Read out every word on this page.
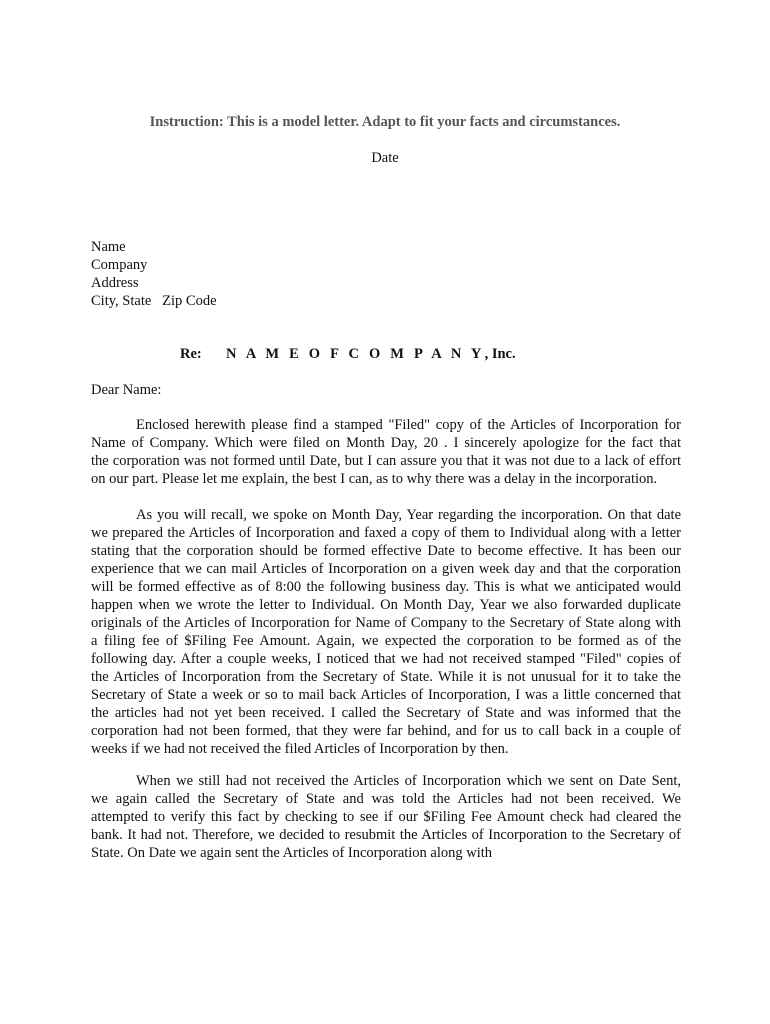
Instruction: This is a model letter. Adapt to fit your facts and circumstances.
Date
Name
Company
Address
City, State   Zip Code
Re: N A M E O F C O M P A N Y, Inc.
Dear Name:
Enclosed herewith please find a stamped "Filed" copy of the Articles of Incorporation for
Name of Company. Which were filed on Month Day, 20 . I sincerely apologize for the fact that
the corporation was not formed until Date, but I can assure you that it was not due to a lack of effort
on our part. Please let me explain, the best I can, as to why there was a delay in the incorporation.
As you will recall, we spoke on Month Day, Year regarding the incorporation. On that date
we prepared the Articles of Incorporation and faxed a copy of them to Individual along with a letter
stating that the corporation should be formed effective Date to become effective. It has been our
experience that we can mail Articles of Incorporation on a given week day and that the corporation
will be formed effective as of 8:00 the following business day. This is what we anticipated would
happen when we wrote the letter to Individual. On Month Day, Year we also forwarded duplicate
originals of the Articles of Incorporation for Name of Company to the Secretary of State along with
a filing fee of $Filing Fee Amount. Again, we expected the corporation to be formed as of the
following day. After a couple weeks, I noticed that we had not received stamped "Filed" copies of
the Articles of Incorporation from the Secretary of State. While it is not unusual for it to take the
Secretary of State a week or so to mail back Articles of Incorporation, I was a little concerned that
the articles had not yet been received. I called the Secretary of State and was informed that the
corporation had not been formed, that they were far behind, and for us to call back in a couple of
weeks if we had not received the filed Articles of Incorporation by then.
When we still had not received the Articles of Incorporation which we sent on Date Sent,
we again called the Secretary of State and was told the Articles had not been received. We
attempted to verify this fact by checking to see if our $Filing Fee Amount check had cleared the
bank. It had not. Therefore, we decided to resubmit the Articles of Incorporation to the Secretary of
State. On Date we again sent the Articles of Incorporation along with
